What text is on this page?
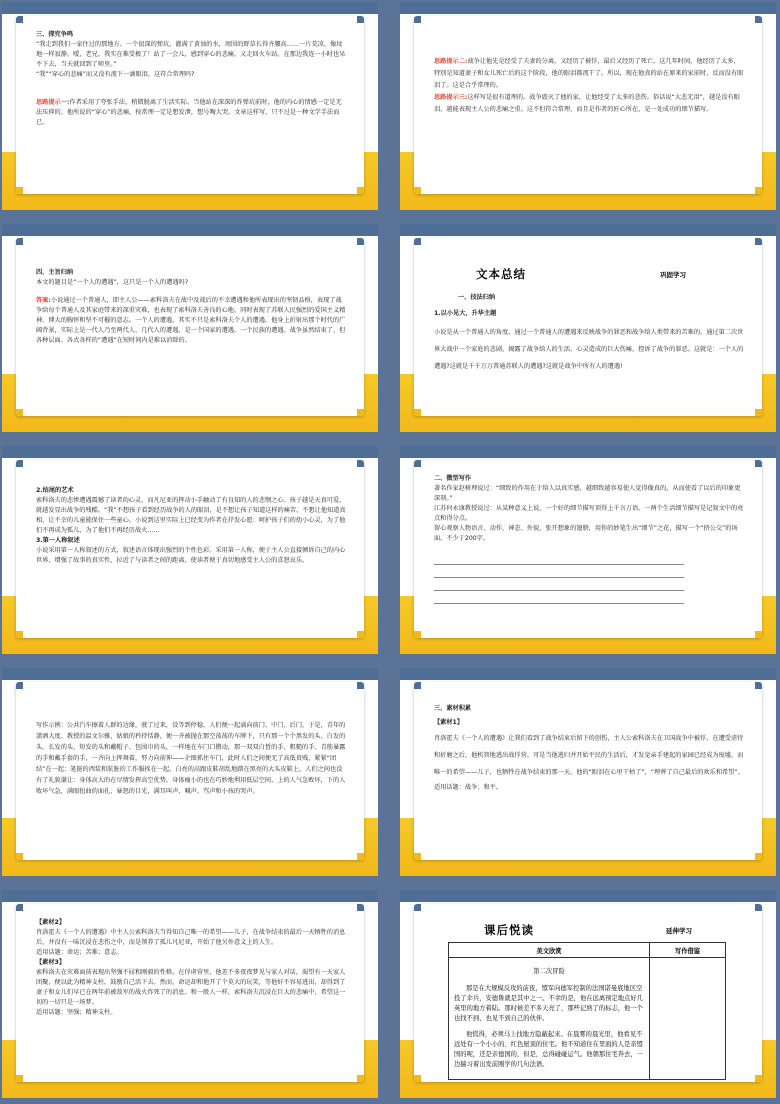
三、探究争鸣

“我走到我们一家住过的那地方。一个很深的弹坑，灌满了黄浊的水，周围的野草长得齐腰高……一片荒凉，像坟地一样寂静。嗳，老兄，我实在难受极了！站了一会儿，感到穿心的悲痛，又走回火车站。在那边我连一小时也呆不下去，当天就回到了师里。”

“我”“穿心的悲痛”而又没有流下一滴眼泪，这符合常理吗?

思路提示一:作者采用了夸张手法，稍微脱离了生活实际。当他站在深深的炸弹坑前时，他的内心的情感一定是无法压抑的。他所说的“穿心”的悲痛，按常理一定是想发泄，想号啕大哭。文章这样写，只不过是一种文学手法而已。

思路提示二:战争让他先是经受了夫妻的分离，又经历了被俘，最后又经历了死亡。这几年时间，他经历了太多，特别是知道妻子和女儿死亡后的这个阶段，他的眼泪都流干了。所以，现在他真的站在原来的家前时，反而没有眼泪了。这是合乎常理的。

思路提示三:这样写是很有道理的。战争毁灭了他的家，让他经受了太多的悲伤。俗话说“大悲无泪”，越是没有眼泪，越能表现主人公的悲痛之重。这不但符合常理，而且是作者的匠心所在，是一处成功的细节描写。

四、主旨归纳

本文的题目是“一个人的遭遇”，这只是一个人的遭遇吗?

答案:小说通过一个普通人，即主人公——索科洛夫在战中及战后的不幸遭遇和他所表现出的坚韧品格，表现了战争给每个普通人及其家庭带来的深重灾难，也表现了索科洛夫善良的心地，同时表现了苏联人民强烈的爱国主义精神、博大的胸怀和坚不可摧的意志。一个人的遭遇，其实不只是索科洛夫个人的遭遇，他身上折射出那个时代的广阔背景，实际上是一代人乃至两代人、几代人的遭遇，是一个国家的遭遇、一个民族的遭遇。战争虽然结束了，但各种层面、各式各样的“遭遇”在短时间内是难以消除的。

文本总结	巩固学习

一、技法归纳

1.以小见大，升华主题

小说是从一个普通人的角度、通过一个普通人的遭遇来反映战争的罪恶和战争给人类带来的苦难的。通过第二次世界大战中一个家庭的悲剧，揭露了战争给人的生活、心灵造成的巨大伤痛，控诉了战争的罪恶。这就是：一个人的遭遇?这就是千千万万普通苏联人的遭遇?这就是战争中所有人的遭遇!

2.结尾的艺术

索科洛夫的悲惨遭遇震撼了读者的心灵，而凡尼亚的挥动小手触动了有良知的人的悲悯之心。孩子越是天真可爱，就越发显出战争的残酷。“我”不想孩子看到经历战争的人的眼泪，是不想让孩子知道这样的痛苦，不想让他知道真相，让不幸的儿童能保住一些童心。小说到这里实际上已经变为作者在抒发心愿：呵护孩子们的幼小心灵，为了他们不再成为孤儿，为了他们不再经历战火……

3.第一人称叙述

小说采用第一人称叙述的方式，叙述语言体现出强烈的个性色彩。采用第一人称，便于主人公直接倾诉自己的内心世界，增强了故事的真实性，拉近了与读者之间的距离，使读者便于真切地感受主人公的喜怒哀乐。

二、微型写作

著名作家赵树理说过：“细致的作用在于给人以真实感，越细致越容易使人觉得像真的，从而使看了以后的印象更深刻。”

江苏何永康教授说过：从某种意义上说，一个好的细节描写顶得上千言万语。一两个生活细节描写是记叙文中的亮点和得分点。

留心观察人物语言、动作、神态、外貌，张开想象的翅膀，用你的妙笔生出“细节”之花，描写一个“挤公交”的场面。不少于200字。

写作示例：公共汽车擦着人群的边缘，驶了过来，没等到停稳，人们便一起涌向前门、中门、后门，于是，青年的潇洒大度、教授的温文尔雅、姑娘的矜持恬静，便一齐被抛在那空荡荡的车牌下，只有那一个个黑发的头、白发的头、长发的头、短发的头和戴帽子、包围巾的头，一样地在车门口攒动，那一双双白皙的手、粗糙的手、青筋暴露的手和戴手套的手，一齐向上挥舞着，努力向前伸——企图抓住车门，此时人们之间便无了高低贵贱，紧紧“团结”在一起：笔挺的西装和肮脏的工作服挨在一起，白亮的高跟皮鞋胡乱地踏在黑亮的大头皮鞋上，人们之间也没有了礼貌谦让：身体高大的在尽情发挥高空优势，身体瘦小的也在巧妙地利用低层空间，上的人气急败坏，下的人败坏气急，满眼扭曲的面孔、暴怒的目光，满耳叫声、喊声、骂声和小孩的哭声。

三、素材积累

【素材1】

肖洛霍夫《一个人的遭遇》让我们看到了战争结束后留下的创伤，主人公索科洛夫在卫国战争中被俘，在遭受虐待和折磨之后，他机智地逃出战俘营。可是当他逃归并开始平民的生活后，才发觉亲手建起的家园已经成为废墟，而唯一的希望——儿子，也牺牲在战争结束的那一天。他的“眼泪在心里干枯了”，“埋葬了自己最后的欢乐和希望”。

适用话题：战争；和平。

【素材2】

肖洛霍夫《一个人的遭遇》中主人公索科洛夫当得知自己唯一的希望——儿子，在战争结束的最后一天牺牲的消息后，并没有一味沉浸在悲伤之中，而是领养了孤儿凡尼亚，开始了他另外意义上的人生。

适用话题：命运；苦难；意志。

【素材3】

索科洛夫在灾难面前表现出坚强不屈和刚毅的性格。在俘虏营里，他差不多夜夜梦见与家人对话，渴望有一天家人团聚，便以此为精神支柱，鼓励自己活下去。然而，命运却和他开了个莫大的玩笑，等他好不容易逃出，却得到了妻子和女儿们早已在两年前被敌军的战火炸死了的消息。和一般人一样，索科洛夫沉浸在巨大的悲痛中，希望这一切的一切只是一场梦。

适用话题：坚强；精神支柱。

课后悦读	延伸学习
美文欣赏	写作借鉴

第二次冒险

那是在大规模反攻的前夜，盟军向德军控制的法国诺曼底地区空投了伞兵，安德鲁就是其中之一。不幸的是，他在远离预定地点好几英里的地方着陆。那时候差不多天亮了，那些记熟了的标志，他一个也找不到，也见不到自己的伙伴。

他慌得，必须马上找地方隐蔽起来。在晨雾的晨光里，他看见不远处有一个小小的、红色屋顶的住宅。他不知道住在里面的人是亲盟国的呢，还是亲德国的，但是，总得碰碰运气。他朝那住宅奔去，一边揣习着出发前刚学的几句法语。	
